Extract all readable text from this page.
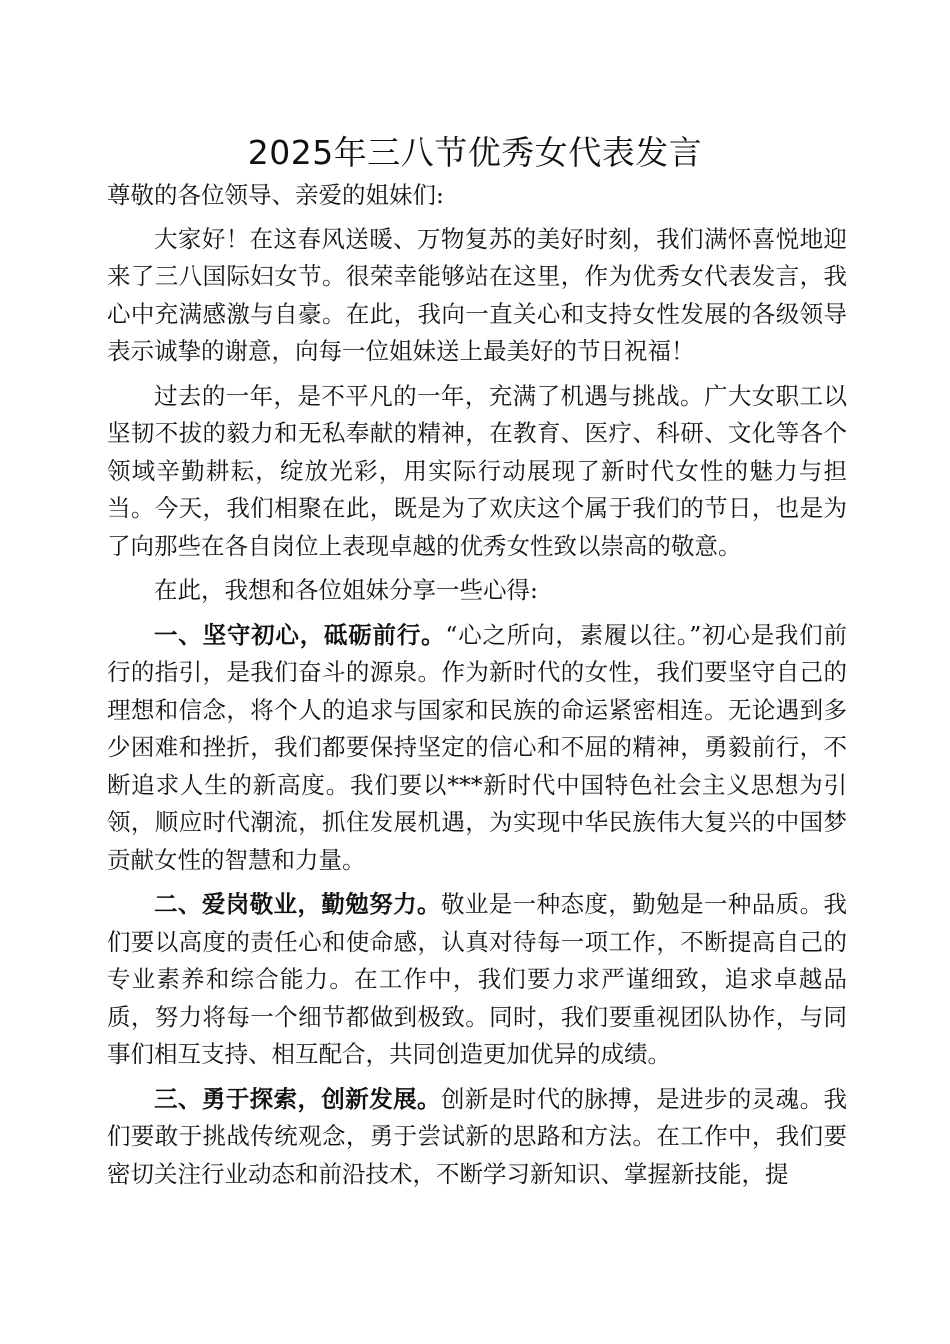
2025年三八节优秀女代表发言

尊敬的各位领导、亲爱的姐妹们:

大家好！在这春风送暖、万物复苏的美好时刻，我们满怀喜悦地迎来了三八国际妇女节。很荣幸能够站在这里，作为优秀女代表发言，我心中充满感激与自豪。在此，我向一直关心和支持女性发展的各级领导表示诚挚的谢意，向每一位姐妹送上最美好的节日祝福！

过去的一年，是不平凡的一年，充满了机遇与挑战。广大女职工以坚韧不拔的毅力和无私奉献的精神，在教育、医疗、科研、文化等各个领域辛勤耕耘，绽放光彩，用实际行动展现了新时代女性的魅力与担当。今天，我们相聚在此，既是为了欢庆这个属于我们的节日，也是为了向那些在各自岗位上表现卓越的优秀女性致以崇高的敬意。

在此，我想和各位姐妹分享一些心得:

一、坚守初心，砥砺前行。“心之所向，素履以往。”初心是我们前行的指引，是我们奋斗的源泉。作为新时代的女性，我们要坚守自己的理想和信念，将个人的追求与国家和民族的命运紧密相连。无论遇到多少困难和挫折，我们都要保持坚定的信心和不屈的精神，勇毅前行，不断追求人生的新高度。我们要以***新时代中国特色社会主义思想为引领，顺应时代潮流，抓住发展机遇，为实现中华民族伟大复兴的中国梦贡献女性的智慧和力量。

二、爱岗敬业，勤勉努力。敬业是一种态度，勤勉是一种品质。我们要以高度的责任心和使命感，认真对待每一项工作，不断提高自己的专业素养和综合能力。在工作中，我们要力求严谨细致，追求卓越品质，努力将每一个细节都做到极致。同时，我们要重视团队协作，与同事们相互支持、相互配合，共同创造更加优异的成绩。

三、勇于探索，创新发展。创新是时代的脉搏，是进步的灵魂。我们要敢于挑战传统观念，勇于尝试新的思路和方法。在工作中，我们要密切关注行业动态和前沿技术，不断学习新知识、掌握新技能，提
